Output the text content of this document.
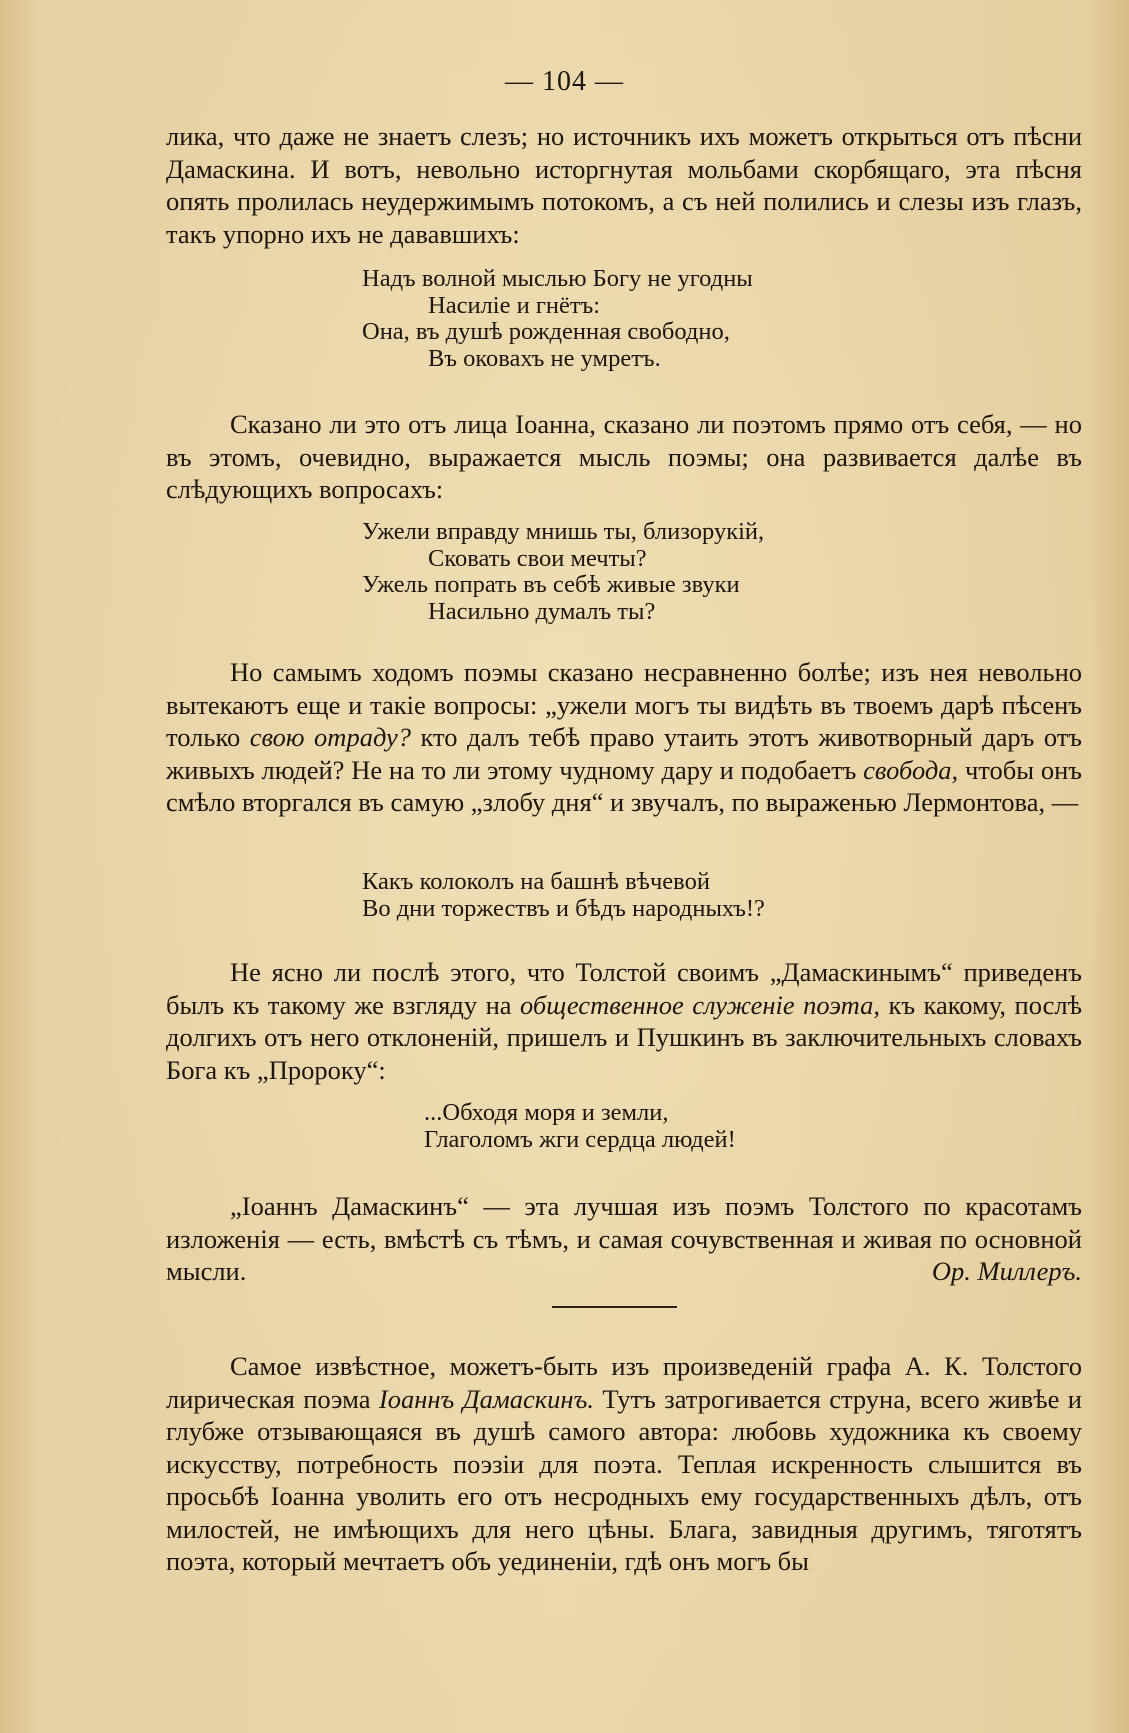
— 104 —
лика, что даже не знаетъ слезъ; но источникъ ихъ можетъ открыться отъ пѣсни Дамаскина. И вотъ, невольно исторгнутая мольбами скорбящаго, эта пѣсня опять пролилась неудержимымъ потокомъ, а съ ней полились и слезы изъ глазъ, такъ упорно ихъ не дававшихъ:
Надъ волной мыслью Богу не угодны
Насиліе и гнётъ:
Она, въ душѣ рожденная свободно,
Въ оковахъ не умретъ.
Сказано ли это отъ лица Іоанна, сказано ли поэтомъ прямо отъ себя, — но въ этомъ, очевидно, выражается мысль поэмы; она развивается далѣе въ слѣдующихъ вопросахъ:
Ужели вправду мнишь ты, близорукій,
Сковать свои мечты?
Ужель попрать въ себѣ живые звуки
Насильно думалъ ты?
Но самымъ ходомъ поэмы сказано несравненно болѣе; изъ нея невольно вытекаютъ еще и такіе вопросы: „ужели могъ ты видѣть въ твоемъ дарѣ пѣсенъ только свою отраду? кто далъ тебѣ право утаить этотъ животворный даръ отъ живыхъ людей? Не на то ли этому чудному дару и подобаетъ свобода, чтобы онъ смѣло вторгался въ самую „злобу дня“ и звучалъ, по выраженью Лермонтова, —
Какъ колоколъ на башнѣ вѣчевой
Во дни торжествъ и бѣдъ народныхъ!?
Не ясно ли послѣ этого, что Толстой своимъ „Дамаскинымъ“ приведенъ былъ къ такому же взгляду на общественное служеніе поэта, къ какому, послѣ долгихъ отъ него отклоненій, пришелъ и Пушкинъ въ заключительныхъ словахъ Бога къ „Пророку“:
...Обходя моря и земли,
Глаголомъ жги сердца людей!
„Іоаннъ Дамаскинъ“ — эта лучшая изъ поэмъ Толстого по красотамъ изложенія — есть, вмѣстѣ съ тѣмъ, и самая сочувственная и живая по основной мысли.	Ор. Миллеръ.
Самое извѣстное, можетъ-быть изъ произведеній графа А. К. Толстого лирическая поэма Іоаннъ Дамаскинъ. Тутъ затрогивается струна, всего живѣе и глубже отзывающаяся въ душѣ самого автора: любовь художника къ своему искусству, потребность поэзіи для поэта. Теплая искренность слышится въ просьбѣ Іоанна уволить его отъ несродныхъ ему государственныхъ дѣлъ, отъ милостей, не имѣющихъ для него цѣны. Блага, завидныя другимъ, тяготятъ поэта, который мечтаетъ объ уединеніи, гдѣ онъ могъ бы
